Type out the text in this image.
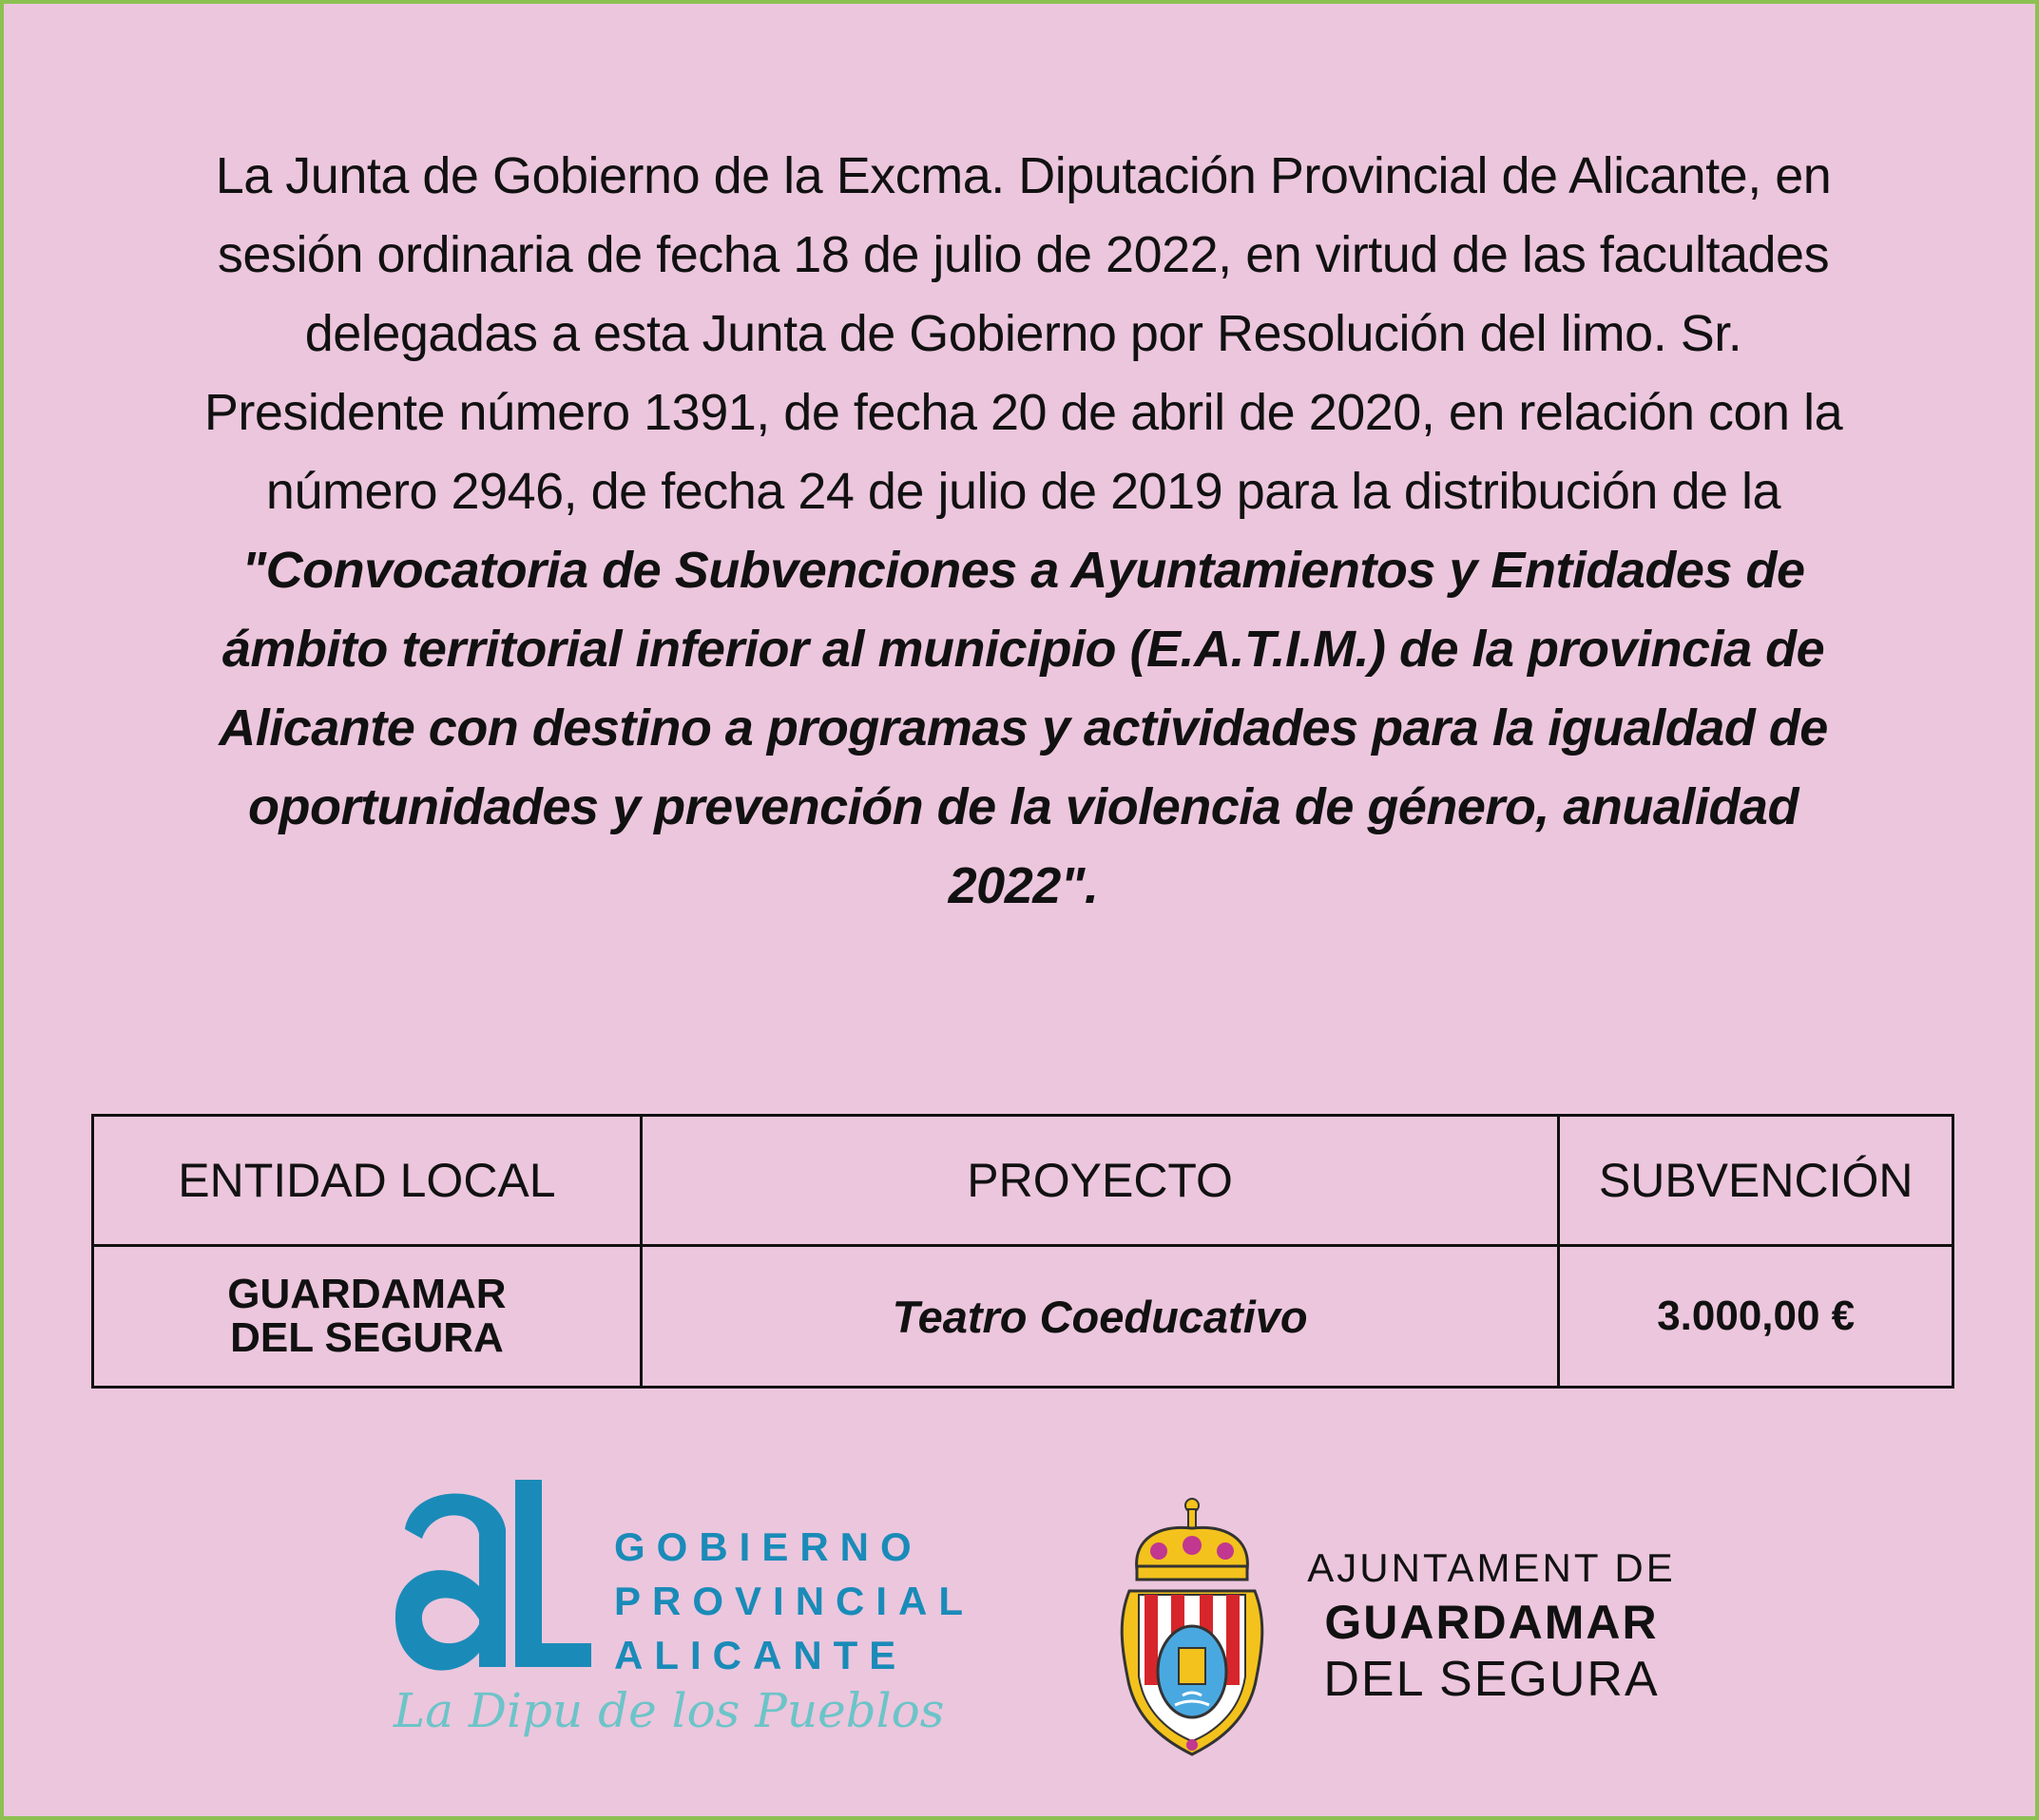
La Junta de Gobierno de la Excma. Diputación Provincial de Alicante, en sesión ordinaria de fecha 18 de julio de 2022, en virtud de las facultades delegadas a esta Junta de Gobierno por Resolución del limo. Sr. Presidente número 1391, de fecha 20 de abril de 2020, en relación con la número 2946, de fecha 24 de julio de 2019 para la distribución de la "Convocatoria de Subvenciones a Ayuntamientos y Entidades de ámbito territorial inferior al municipio (E.A.T.I.M.) de la provincia de Alicante con destino a programas y actividades para la igualdad de oportunidades y prevención de la violencia de género, anualidad 2022".

ENTIDAD LOCAL	PROYECTO	SUBVENCIÓN

GUARDAMAR
DEL SEGURA	Teatro Coeducativo	3.000,00 €
GOBIERNO
PROVINCIAL
ALICANTE
La Dipu de los Pueblos
AJUNTAMENT DE
GUARDAMAR
DEL SEGURA
